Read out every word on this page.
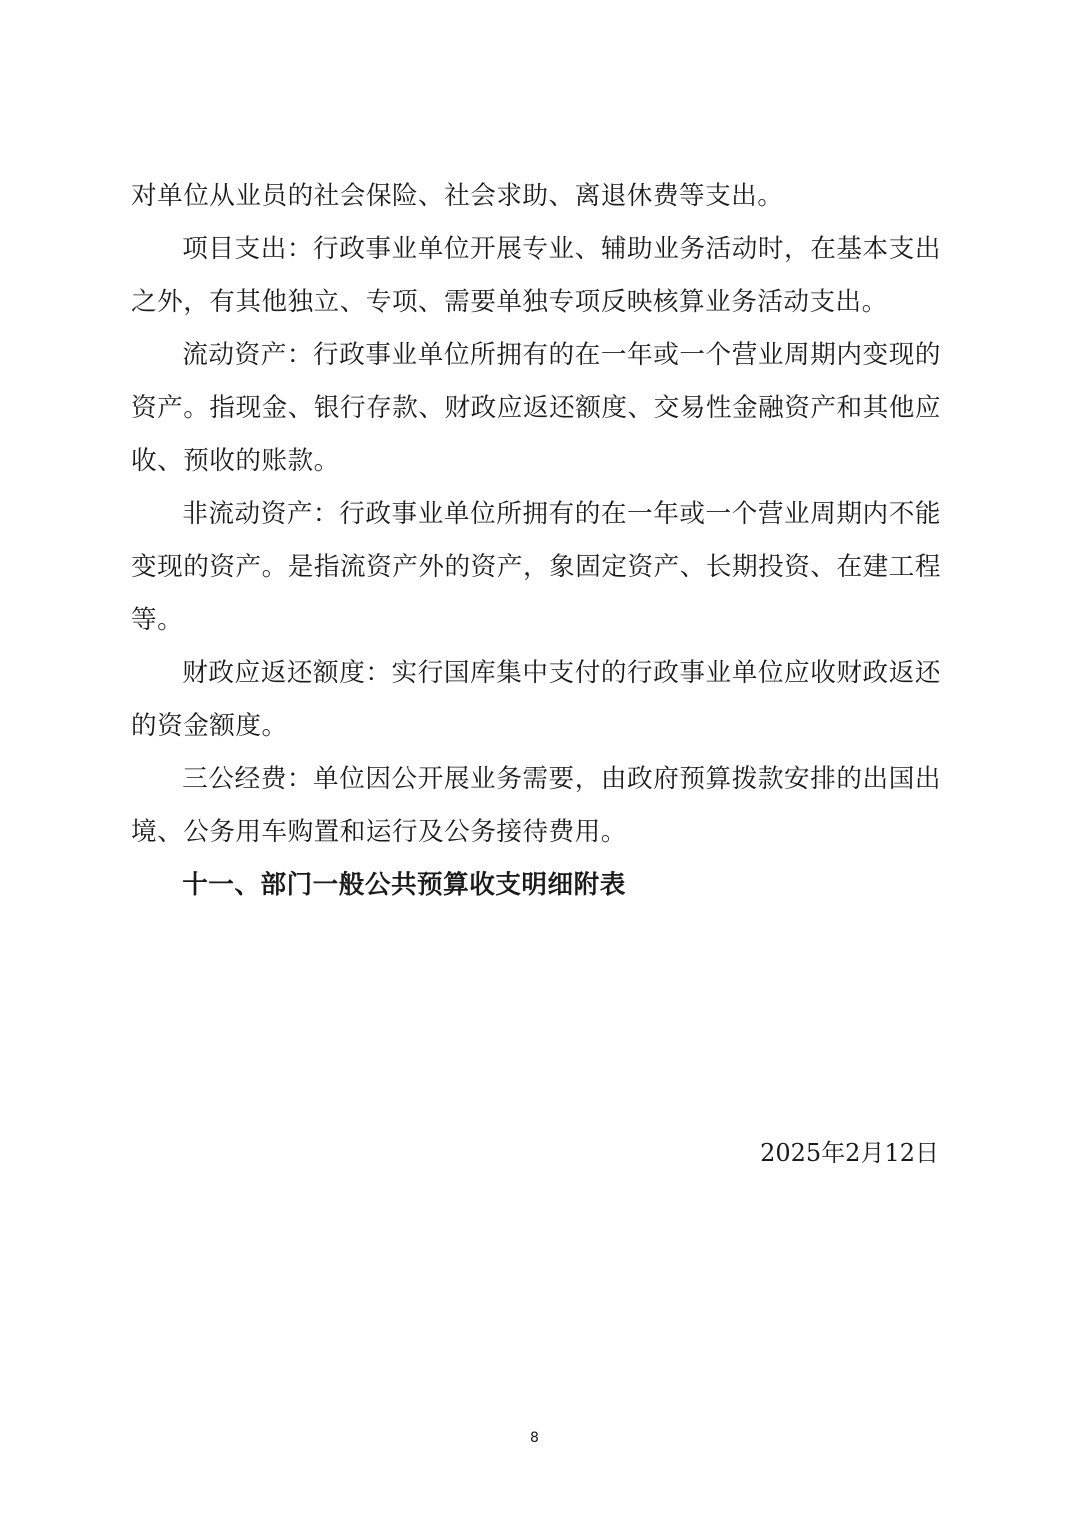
对单位从业员的社会保险、社会求助、离退休费等支出。

项目支出：行政事业单位开展专业、辅助业务活动时，在基本支出之外，有其他独立、专项、需要单独专项反映核算业务活动支出。

流动资产：行政事业单位所拥有的在一年或一个营业周期内变现的资产。指现金、银行存款、财政应返还额度、交易性金融资产和其他应收、预收的账款。

非流动资产：行政事业单位所拥有的在一年或一个营业周期内不能变现的资产。是指流资产外的资产，象固定资产、长期投资、在建工程等。

财政应返还额度：实行国库集中支付的行政事业单位应收财政返还的资金额度。

三公经费：单位因公开展业务需要，由政府预算拨款安排的出国出境、公务用车购置和运行及公务接待费用。

十一、部门一般公共预算收支明细附表

2025年2月12日
8
